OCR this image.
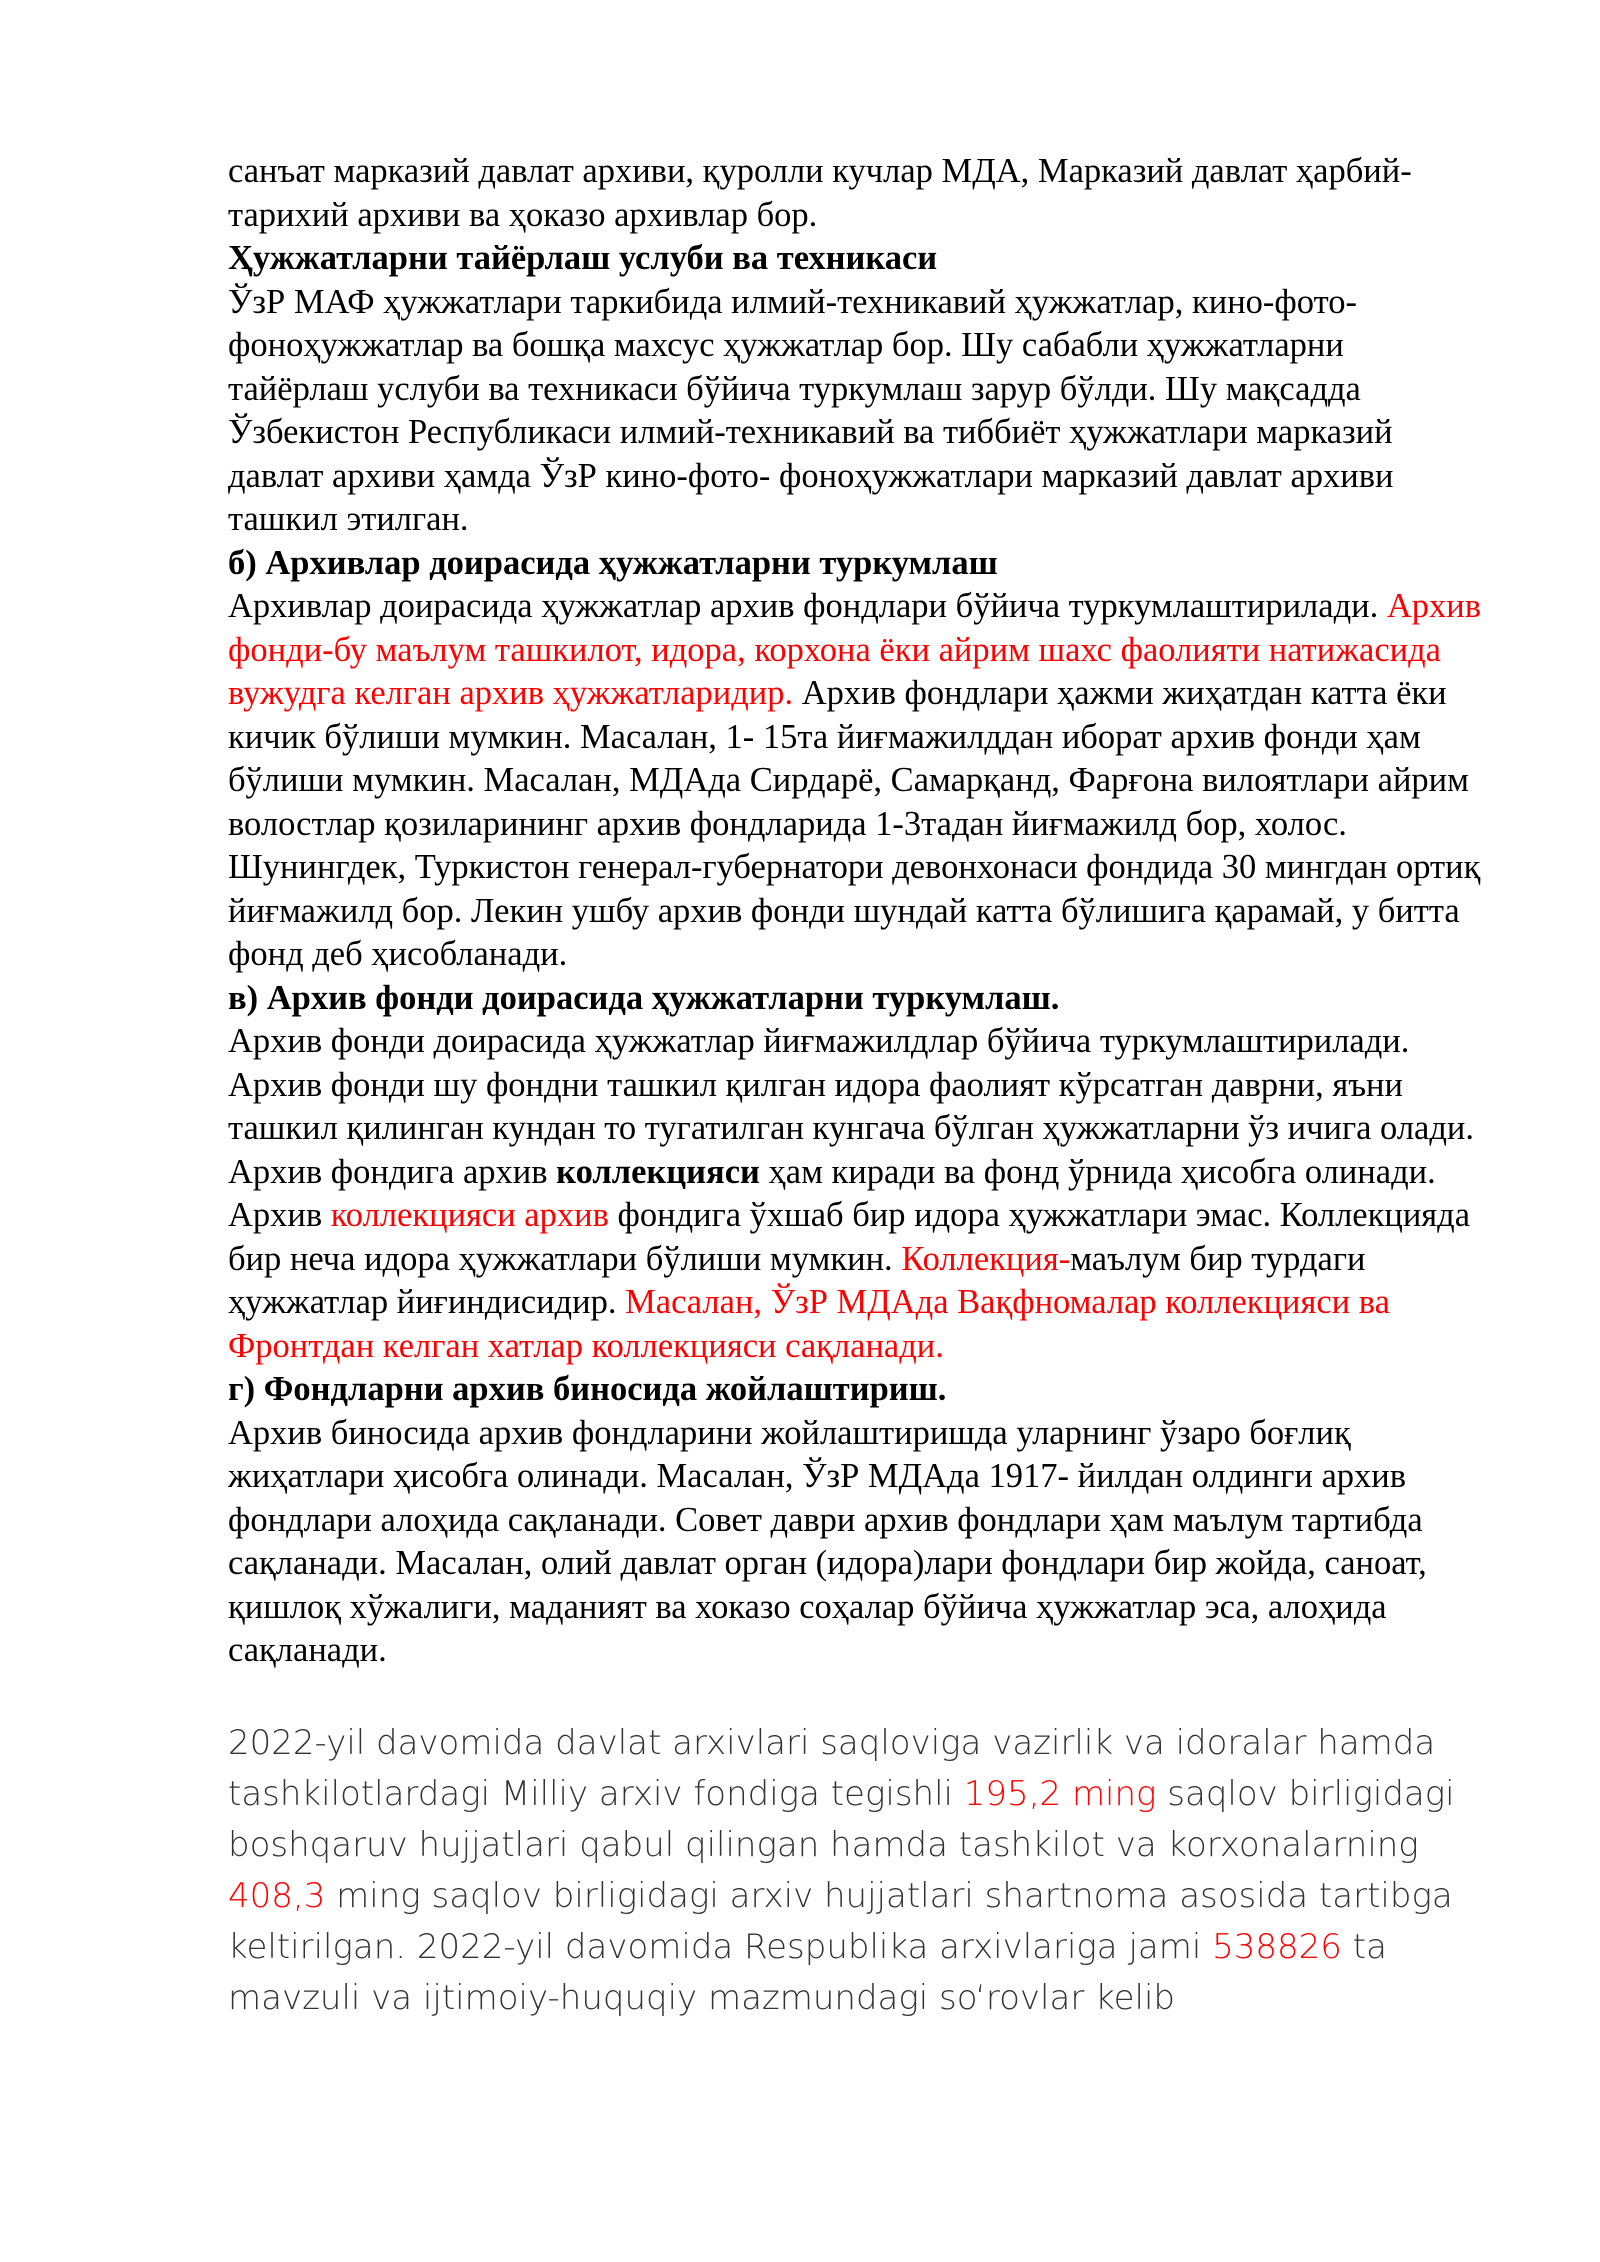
санъат марказий давлат архиви, қуролли кучлар МДА, Марказий давлат ҳарбий-тарихий архиви ва ҳоказо архивлар бор.

Ҳужжатларни тайёрлаш услуби ва техникаси

ЎзР МАФ ҳужжатлари таркибида илмий-техникавий ҳужжатлар, кино-фото-фоноҳужжатлар ва бошқа махсус ҳужжатлар бор. Шу сабабли ҳужжатларни тайёрлаш услуби ва техникаси бўйича туркумлаш зарур бўлди. Шу мақсадда Ўзбекистон Республикаси илмий-техникавий ва тиббиёт ҳужжатлари марказий давлат архиви ҳамда ЎзР кино-фото- фоноҳужжатлари марказий давлат архиви ташкил этилган.

б) Архивлар доирасида ҳужжатларни туркумлаш

Архивлар доирасида ҳужжатлар архив фондлари бўйича туркумлаштирилади. Архив фонди-бу маълум ташкилот, идора, корхона ёки айрим шахс фаолияти натижасида вужудга келган архив ҳужжатларидир. Архив фондлари ҳажми жиҳатдан катта ёки кичик бўлиши мумкин. Масалан, 1- 15та йиғмажилддан иборат архив фонди ҳам бўлиши мумкин. Масалан, МДАда Сирдарё, Самарқанд, Фарғона вилоятлари айрим волостлар қозиларининг архив фондларида 1-3тадан йиғмажилд бор, холос. Шунингдек, Туркистон генерал-губернатори девонхонаси фондида 30 мингдан ортиқ йиғмажилд бор. Лекин ушбу архив фонди шундай катта бўлишига қарамай, у битта фонд деб ҳисобланади.

в) Архив фонди доирасида ҳужжатларни туркумлаш.

Архив фонди доирасида ҳужжатлар йиғмажилдлар бўйича туркумлаштирилади. Архив фонди шу фондни ташкил қилган идора фаолият кўрсатган даврни, яъни ташкил қилинган кундан то тугатилган кунгача бўлган ҳужжатларни ўз ичига олади. Архив фондига архив коллекцияси ҳам киради ва фонд ўрнида ҳисобга олинади. Архив коллекцияси архив фондига ўхшаб бир идора ҳужжатлари эмас. Коллекцияда бир неча идора ҳужжатлари бўлиши мумкин. Коллекция-маълум бир турдаги ҳужжатлар йиғиндисидир. Масалан, ЎзР МДАда Вақфномалар коллекцияси ва Фронтдан келган хатлар коллекцияси сақланади.

г) Фондларни архив биносида жойлаштириш.

Архив биносида архив фондларини жойлаштиришда уларнинг ўзаро боғлиқ жиҳатлари ҳисобга олинади. Масалан, ЎзР МДАда 1917- йилдан олдинги архив фондлари алоҳида сақланади. Совет даври архив фондлари ҳам маълум тартибда сақланади. Масалан, олий давлат орган (идора)лари фондлари бир жойда, саноат, қишлоқ хўжалиги, маданият ва хоказо соҳалар бўйича ҳужжатлар эса, алоҳида сақланади.

2022-yil davomida davlat arxivlari saqloviga vazirlik va idoralar hamda tashkilotlardagi Milliy arxiv fondiga tegishli 195,2 ming saqlov birligidagi boshqaruv hujjatlari qabul qilingan hamda tashkilot va korxonalarning 408,3 ming saqlov birligidagi arxiv hujjatlari shartnoma asosida tartibga keltirilgan. 2022-yil davomida Respublika arxivlariga jami 538826 ta mavzuli va ijtimoiy-huquqiy mazmundagi so‘rovlar kelib
